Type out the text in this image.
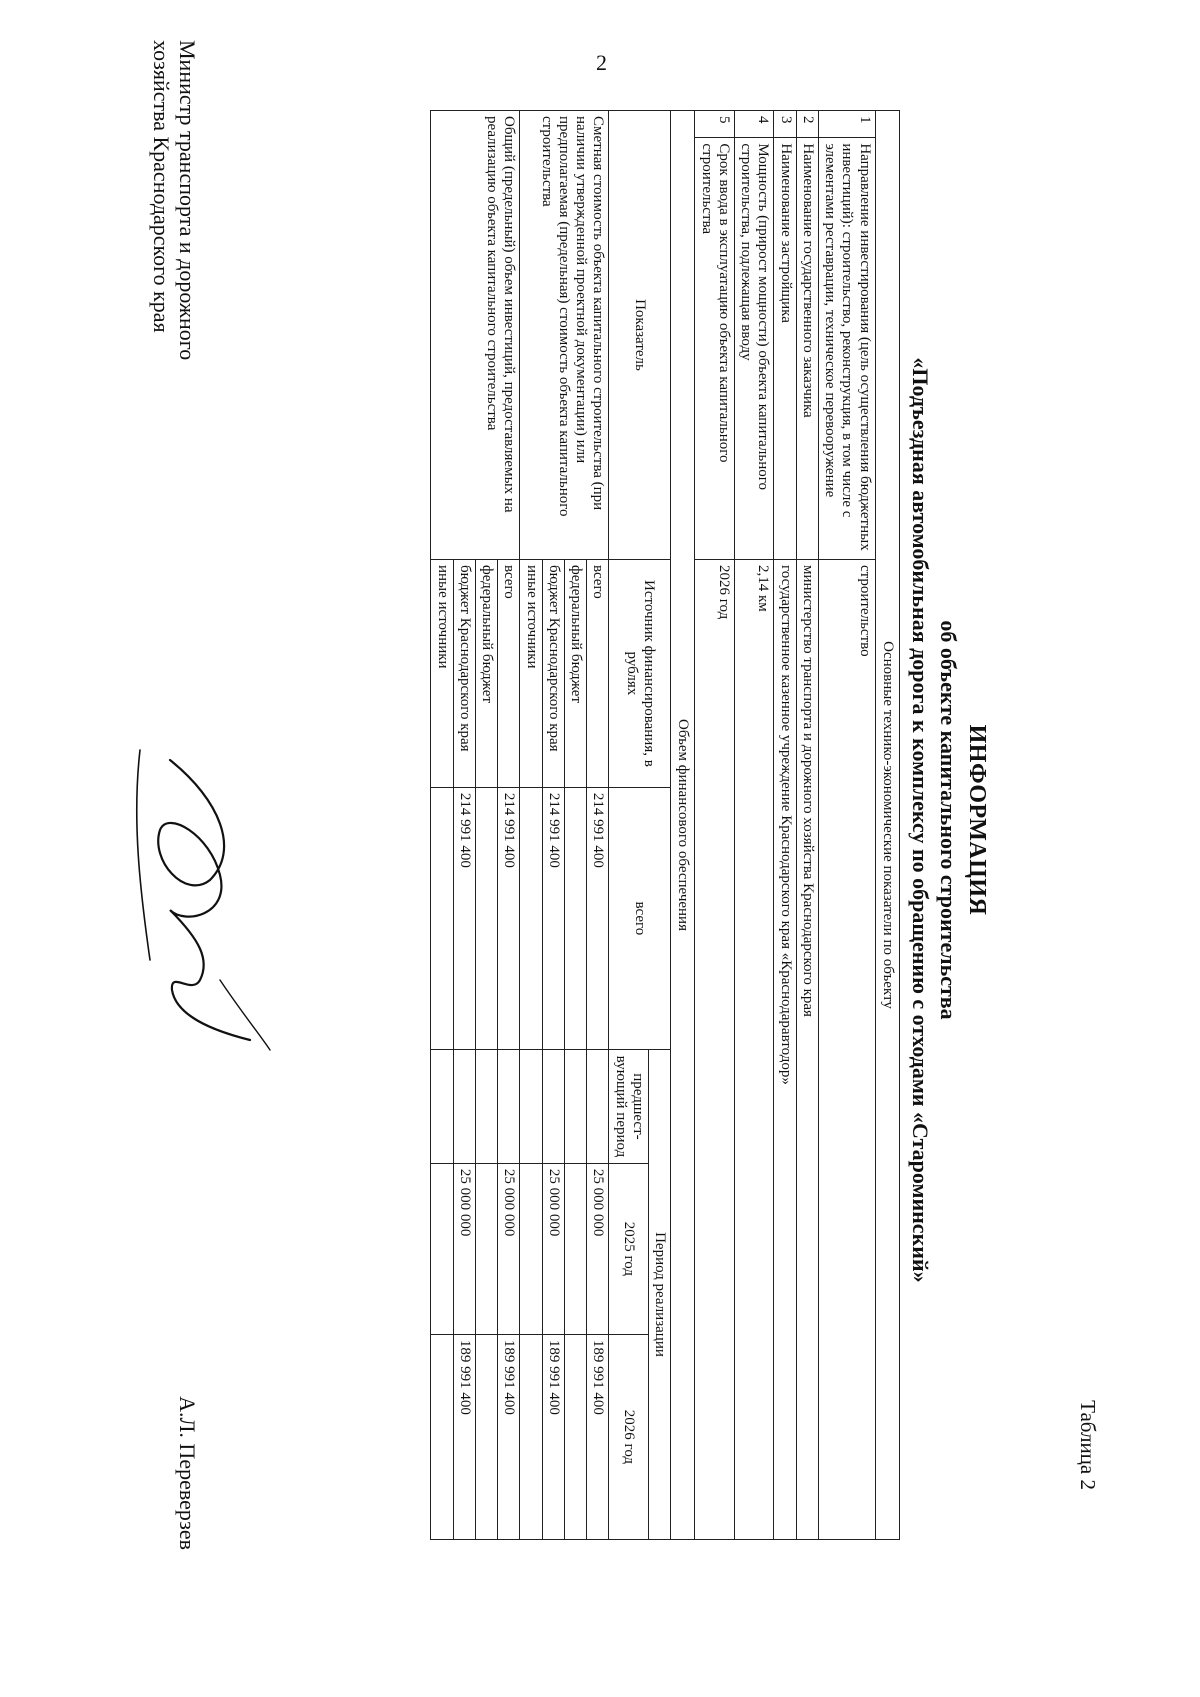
2
Таблица 2
ИНФОРМАЦИЯ
об объекте капитального строительства
«Подъездная автомобильная дорога к комплексу по обращению с отходами «Староминский»
Основные технико-экономические показатели по объекту						
1	Направление инвестирования (цель осуществления бюджетных инвестиций): строительство, реконструкция, в том числе с элементами реставрации, техническое перевооружение	строительство				
2	Наименование государственного заказчика	министерство транспорта и дорожного хозяйства Краснодарского края				
3	Наименование застройщика	государственное казенное учреждение Краснодарского края «Краснодаравтодор»				
4	Мощность (прирост мощности) объекта капитального строительства, подлежащая вводу	2,14 км				
5	Срок ввода в эксплуатацию объекта капитального строительства	2026 год				
Объем финансового обеспечения						
Показатель		Источник финансирования, в рублях	всего	Период реализации		
				предшест-вующий период	2025 год	2026 год
Сметная стоимость объекта капитального строительства (при наличии утвержденной проектной документации) или предполагаемая (предельная) стоимость объекта капитального строительства		всего	214 991 400		25 000 000	189 991 400
		федеральный бюджет				
		бюджет Краснодарского края	214 991 400		25 000 000	189 991 400
		иные источники				
Общий (предельный) объем инвестиций, предоставляемых на реализацию объекта капитального строительства		всего	214 991 400		25 000 000	189 991 400
		федеральный бюджет				
		бюджет Краснодарского края	214 991 400		25 000 000	189 991 400
		иные источники				
Министр транспорта и дорожного
хозяйства Краснодарского края
А.Л. Переверзев
